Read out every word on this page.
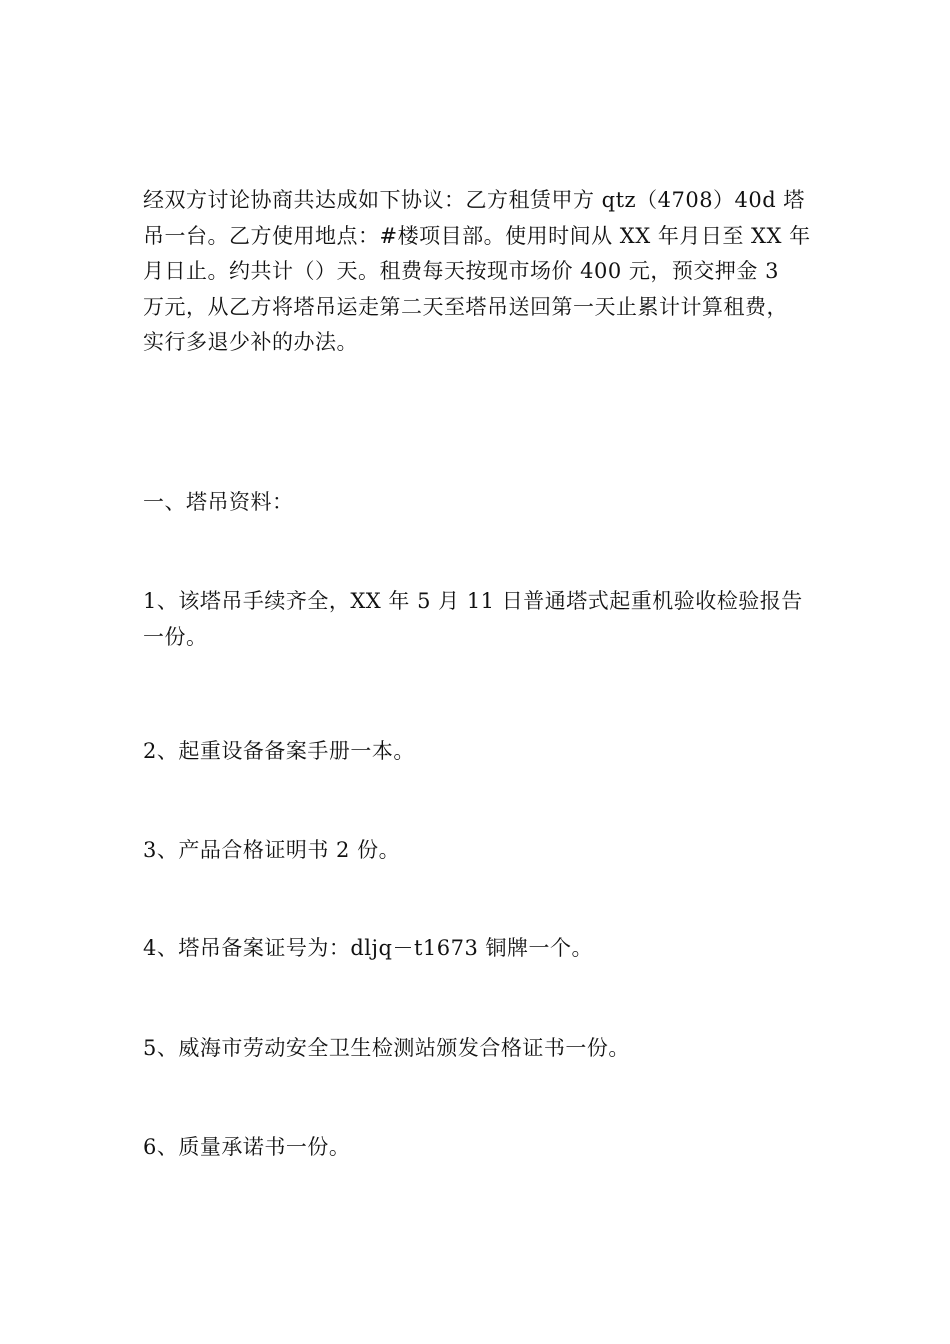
经双方讨论协商共达成如下协议：乙方租赁甲方 qtz（4708）40d 塔
吊一台。乙方使用地点：#楼项目部。使用时间从 XX 年月日至 XX 年
月日止。约共计（）天。租费每天按现市场价 400 元，预交押金 3
万元，从乙方将塔吊运走第二天至塔吊送回第一天止累计计算租费，
实行多退少补的办法。
一、塔吊资料：
1、该塔吊手续齐全，XX 年 5 月 11 日普通塔式起重机验收检验报告
一份。
2、起重设备备案手册一本。
3、产品合格证明书 2 份。
4、塔吊备案证号为：dljq－t1673 铜牌一个。
5、威海市劳动安全卫生检测站颁发合格证书一份。
6、质量承诺书一份。
